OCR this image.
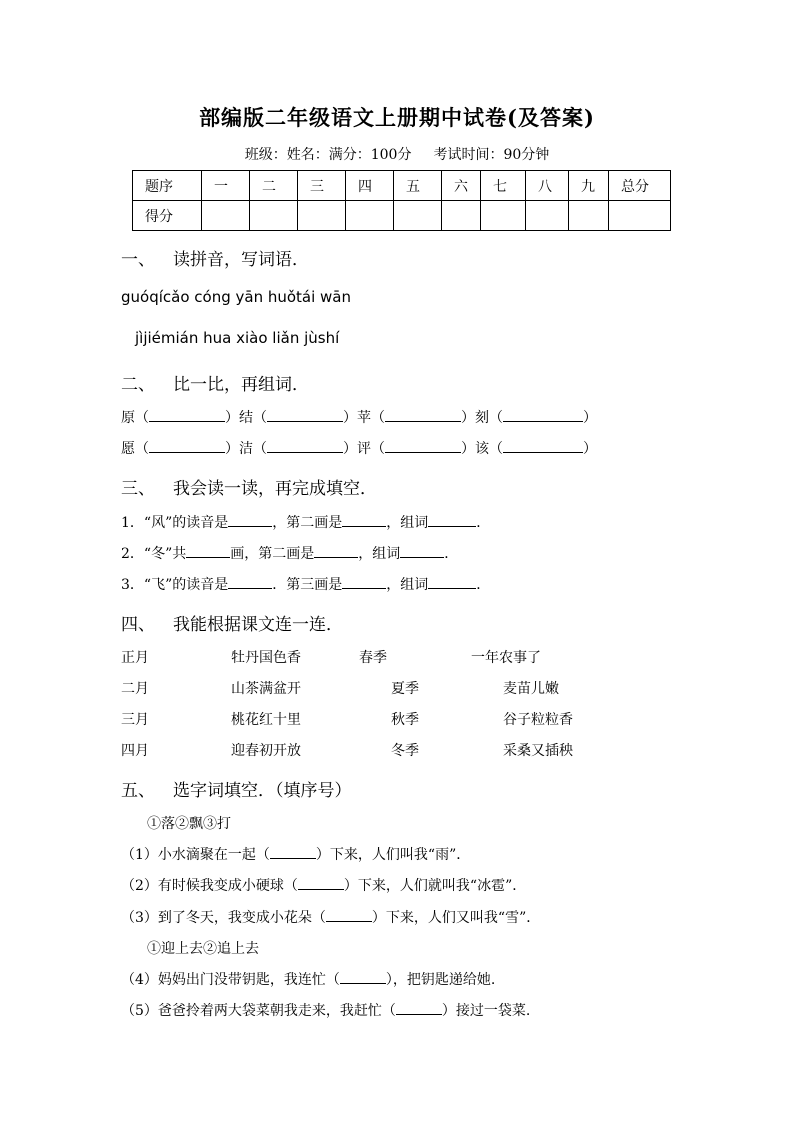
部编版二年级语文上册期中试卷(及答案)
班级：姓名：满分：100分 考试时间：90分钟
题序	一	二	三	四	五	六	七	八	九	总分
得分										
一、 读拼音，写词语．
guóqícǎo cóng yān huǒtái wān
jìjiémián hua xiào liǎn jùshí
二、 比一比，再组词．
原（	）结（	）苹（	）刻（	）
愿（	）洁（	）评（	）该（	）
三、 我会读一读，再完成填空．
1．“风”的读音是	，第二画是	，组词	．
2．“冬”共	画，第二画是	，组词	．
3．“飞”的读音是	．第三画是	，组词	．
四、 我能根据课文连一连．
正月	牡丹国色香	春季	一年农事了
二月	山茶满盆开	夏季	麦苗儿嫩
三月	桃花红十里	秋季	谷子粒粒香
四月	迎春初开放	冬季	采桑又插秧
五、 选字词填空．（填序号）
①落②飘③打
（1）小水滴聚在一起（	）下来，人们叫我“雨”．
（2）有时候我变成小硬球（	）下来，人们就叫我“冰雹”．
（3）到了冬天，我变成小花朵（	）下来，人们又叫我“雪”．
①迎上去②追上去
（4）妈妈出门没带钥匙，我连忙（	），把钥匙递给她.
（5）爸爸拎着两大袋菜朝我走来，我赶忙（	）接过一袋菜.
